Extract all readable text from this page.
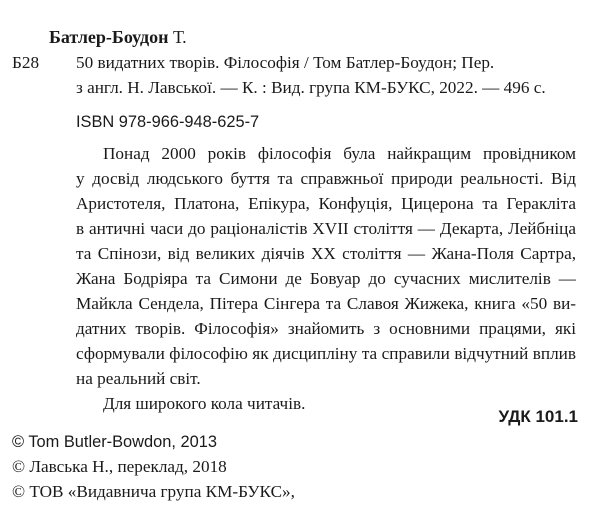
Батлер-Боудон Т.
Б28 50 видатних творів. Філософія / Том Батлер-Боудон; Пер.
з англ. Н. Лавської. — К. : Вид. група КМ-БУКС, 2022. — 496 с.
ISBN 978-966-948-625-7
Понад 2000 років філософія була найкращим провідником
у досвід людського буття та справжньої природи реальності. Від
Аристотеля, Платона, Епікура, Конфуція, Цицерона та Геракліта
в античні часи до раціоналістів XVII століття — Декарта, Лейбніца
та Спінози, від великих діячів XX століття — Жана-Поля Сартра,
Жана Бодріяра та Симони де Бовуар до сучасних мислителів —
Майкла Сендела, Пітера Сінгера та Славоя Жижека, книга «50 ви-
датних творів. Філософія» знайомить з основними працями, які
сформували філософію як дисципліну та справили відчутний вплив
на реальний світ.
Для широкого кола читачів.
УДК 101.1
© Tom Butler-Bowdon, 2013
© Лавська Н., переклад, 2018
© ТОВ «Видавнича група КМ-БУКС»,
